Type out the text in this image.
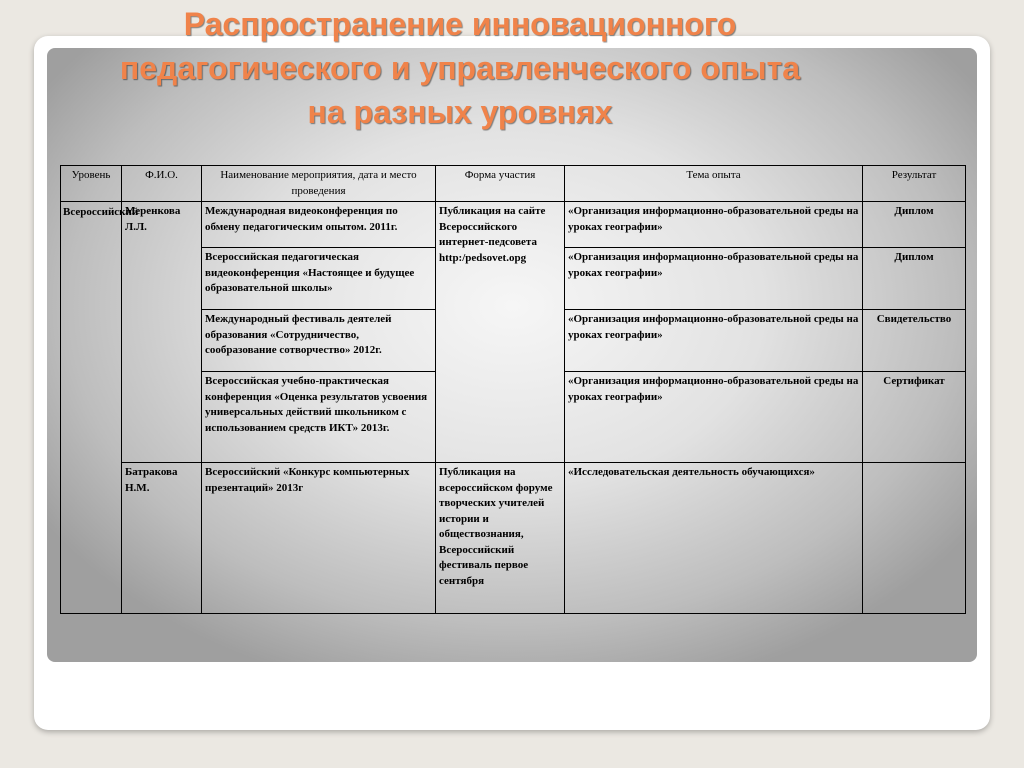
Распространение инновационного
педагогического и управленческого опыта
на разных уровнях
Уровень	Ф.И.О.	Наименование мероприятия, дата и место проведения	Форма участия	Тема опыта	Результат
Всероссийский	Меренкова Л.Л.	Международная видеоконференция по обмену педагогическим опытом. 2011г.	Публикация на сайте Всероссийского интернет-педсовета http:/pedsovet.opg	«Организация информационно-образовательной среды на уроках географии»	Диплом
		Всероссийская педагогическая видеоконференция «Настоящее и будущее образовательной школы»		«Организация информационно-образовательной среды на уроках географии»	Диплом
		Международный фестиваль деятелей образования «Сотрудничество, сообразование сотворчество» 2012г.		«Организация информационно-образовательной среды на уроках географии»	Свидетельство
		Всероссийская учебно-практическая конференция «Оценка результатов усвоения универсальных действий школьником с использованием средств ИКТ» 2013г.		«Организация информационно-образовательной среды на уроках географии»	Сертификат
	Батракова Н.М.	Всероссийский «Конкурс компьютерных презентаций» 2013г	Публикация на всероссийском форуме творческих учителей истории и обществознания, Всероссийский фестиваль первое сентября	«Исследовательская деятельность обучающихся»	
